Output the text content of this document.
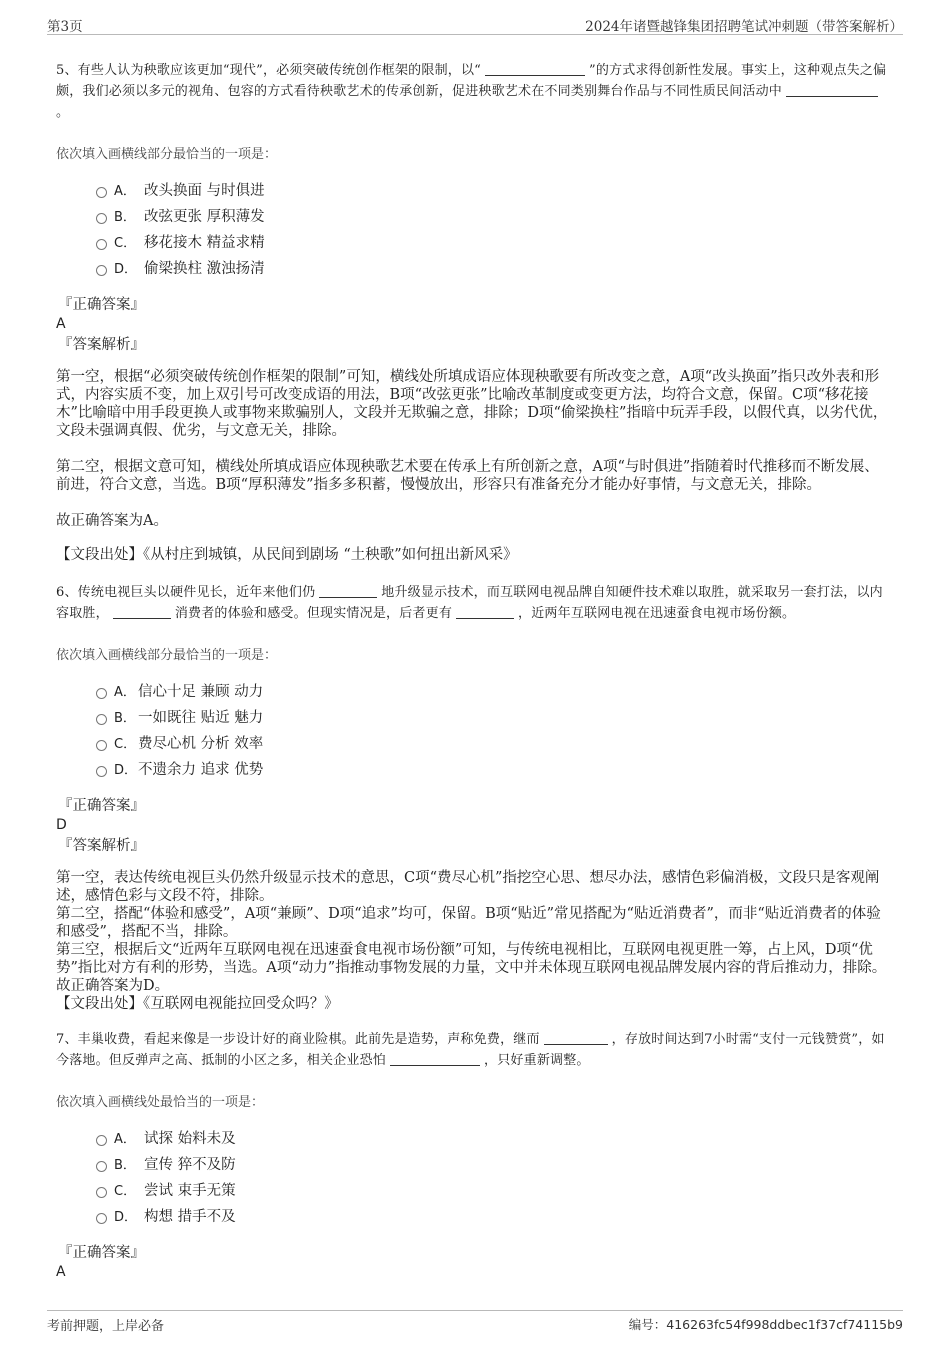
第3页	2024年诸暨越锋集团招聘笔试冲刺题（带答案解析）

5、有些人认为秧歌应该更加“现代”，必须突破传统创作框架的限制，以“	”的方式求得创新性发展。事实上，这种观点失之偏颇，我们必须以多元的视角、包容的方式看待秧歌艺术的传承创新，促进秧歌艺术在不同类别舞台作品与不同性质民间活动中
。

依次填入画横线部分最恰当的一项是：

A． 改头换面 与时俱进
B． 改弦更张 厚积薄发
C． 移花接木 精益求精
D． 偷梁换柱 激浊扬清

『正确答案』

A

『答案解析』

第一空，根据“必须突破传统创作框架的限制”可知，横线处所填成语应体现秧歌要有所改变之意，A项“改头换面”指只改外表和形式，内容实质不变，加上双引号可改变成语的用法，B项“改弦更张”比喻改革制度或变更方法，均符合文意，保留。C项“移花接木”比喻暗中用手段更换人或事物来欺骗别人，文段并无欺骗之意，排除；D项“偷梁换柱”指暗中玩弄手段，以假代真，以劣代优，文段未强调真假、优劣，与文意无关，排除。

第二空，根据文意可知，横线处所填成语应体现秧歌艺术要在传承上有所创新之意，A项“与时俱进”指随着时代推移而不断发展、前进，符合文意，当选。B项“厚积薄发”指多多积蓄，慢慢放出，形容只有准备充分才能办好事情，与文意无关，排除。

故正确答案为A。

【文段出处】《从村庄到城镇，从民间到剧场 “土秧歌”如何扭出新风采》

6、传统电视巨头以硬件见长，近年来他们仍	地升级显示技术，而互联网电视品牌自知硬件技术难以取胜，就采取另一套打法，以内容取胜，	消费者的体验和感受。但现实情况是，后者更有	，近两年互联网电视在迅速蚕食电视市场份额。

依次填入画横线部分最恰当的一项是：

A． 信心十足 兼顾 动力
B． 一如既往 贴近 魅力
C． 费尽心机 分析 效率
D．不遗余力 追求 优势

『正确答案』

D

『答案解析』

第一空，表达传统电视巨头仍然升级显示技术的意思，C项“费尽心机”指挖空心思、想尽办法，感情色彩偏消极，文段只是客观阐述，感情色彩与文段不符，排除。

第二空，搭配“体验和感受”，A项“兼顾”、D项“追求”均可，保留。B项“贴近”常见搭配为“贴近消费者”，而非“贴近消费者的体验和感受”，搭配不当，排除。

第三空，根据后文“近两年互联网电视在迅速蚕食电视市场份额”可知，与传统电视相比，互联网电视更胜一筹，占上风，D项“优势”指比对方有利的形势，当选。A项“动力”指推动事物发展的力量，文中并未体现互联网电视品牌发展内容的背后推动力，排除。

故正确答案为D。

【文段出处】《互联网电视能拉回受众吗？》

7、丰巢收费，看起来像是一步设计好的商业险棋。此前先是造势，声称免费，继而	，存放时间达到7小时需“支付一元钱赞赏”，如今落地。但反弹声之高、抵制的小区之多，相关企业恐怕	，只好重新调整。

依次填入画横线处最恰当的一项是：

A． 试探 始料未及
B． 宣传 猝不及防
C． 尝试 束手无策
D． 构想 措手不及

『正确答案』

A

考前押题，上岸必备	编号：416263fc54f998ddbec1f37cf74115b9
